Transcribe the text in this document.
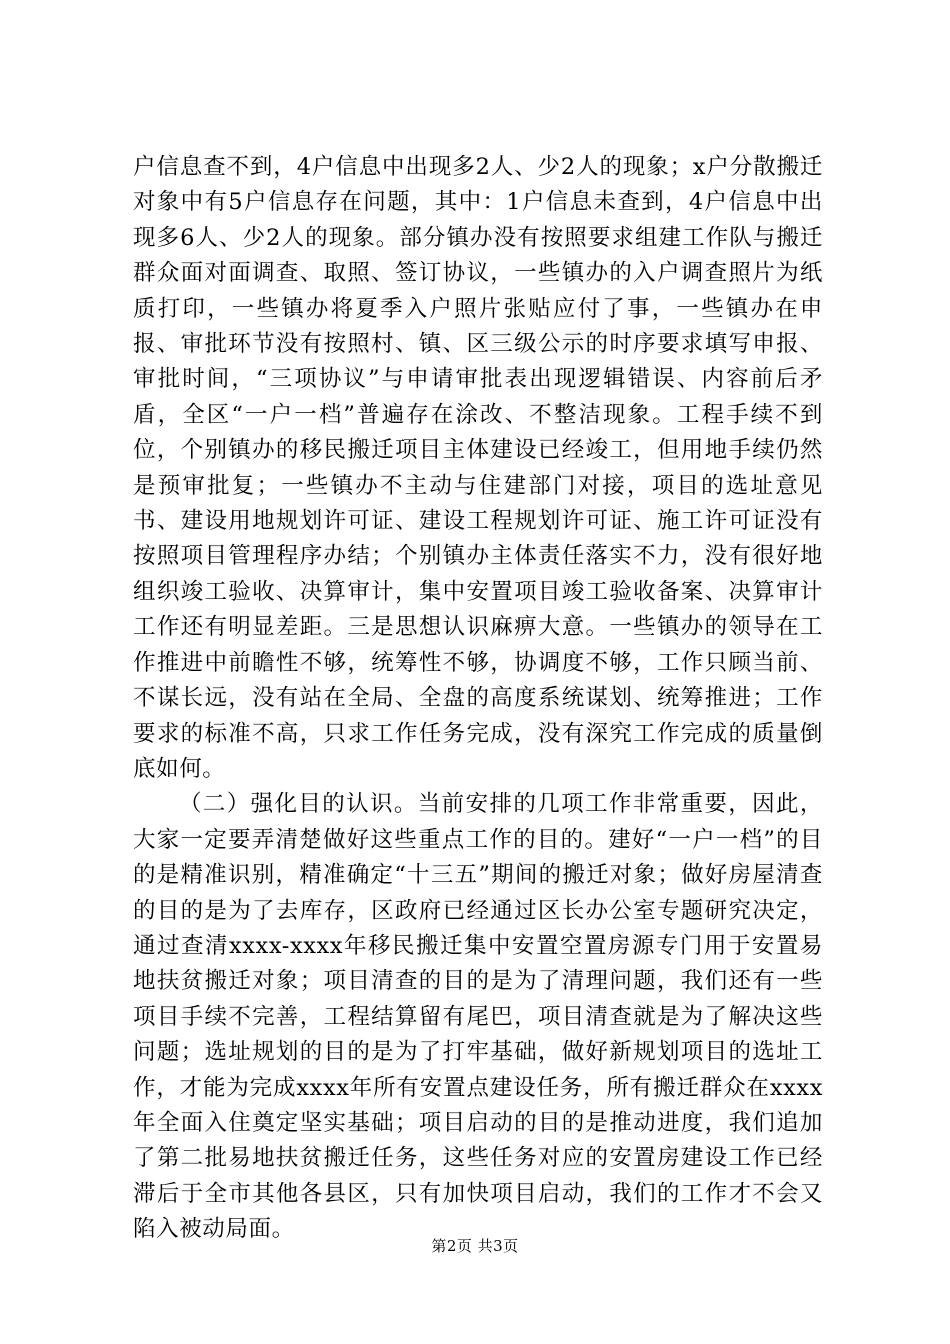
户信息查不到，4户信息中出现多2人、少2人的现象；x户分散搬迁对象中有5户信息存在问题，其中：1户信息未查到，4户信息中出现多6人、少2人的现象。部分镇办没有按照要求组建工作队与搬迁群众面对面调查、取照、签订协议，一些镇办的入户调查照片为纸质打印，一些镇办将夏季入户照片张贴应付了事，一些镇办在申报、审批环节没有按照村、镇、区三级公示的时序要求填写申报、审批时间，“三项协议”与申请审批表出现逻辑错误、内容前后矛盾，全区“一户一档”普遍存在涂改、不整洁现象。工程手续不到位，个别镇办的移民搬迁项目主体建设已经竣工，但用地手续仍然是预审批复；一些镇办不主动与住建部门对接，项目的选址意见书、建设用地规划许可证、建设工程规划许可证、施工许可证没有按照项目管理程序办结；个别镇办主体责任落实不力，没有很好地组织竣工验收、决算审计，集中安置项目竣工验收备案、决算审计工作还有明显差距。三是思想认识麻痹大意。一些镇办的领导在工作推进中前瞻性不够，统筹性不够，协调度不够，工作只顾当前、不谋长远，没有站在全局、全盘的高度系统谋划、统筹推进；工作要求的标准不高，只求工作任务完成，没有深究工作完成的质量倒底如何。

（二）强化目的认识。当前安排的几项工作非常重要，因此，大家一定要弄清楚做好这些重点工作的目的。建好“一户一档”的目的是精准识别，精准确定“十三五”期间的搬迁对象；做好房屋清查的目的是为了去库存，区政府已经通过区长办公室专题研究决定，通过查清xxxx-xxxx年移民搬迁集中安置空置房源专门用于安置易地扶贫搬迁对象；项目清查的目的是为了清理问题，我们还有一些项目手续不完善，工程结算留有尾巴，项目清查就是为了解决这些问题；选址规划的目的是为了打牢基础，做好新规划项目的选址工作，才能为完成xxxx年所有安置点建设任务，所有搬迁群众在xxxx年全面入住奠定坚实基础；项目启动的目的是推动进度，我们追加了第二批易地扶贫搬迁任务，这些任务对应的安置房建设工作已经滞后于全市其他各县区，只有加快项目启动，我们的工作才不会又陷入被动局面。

第2页 共3页
